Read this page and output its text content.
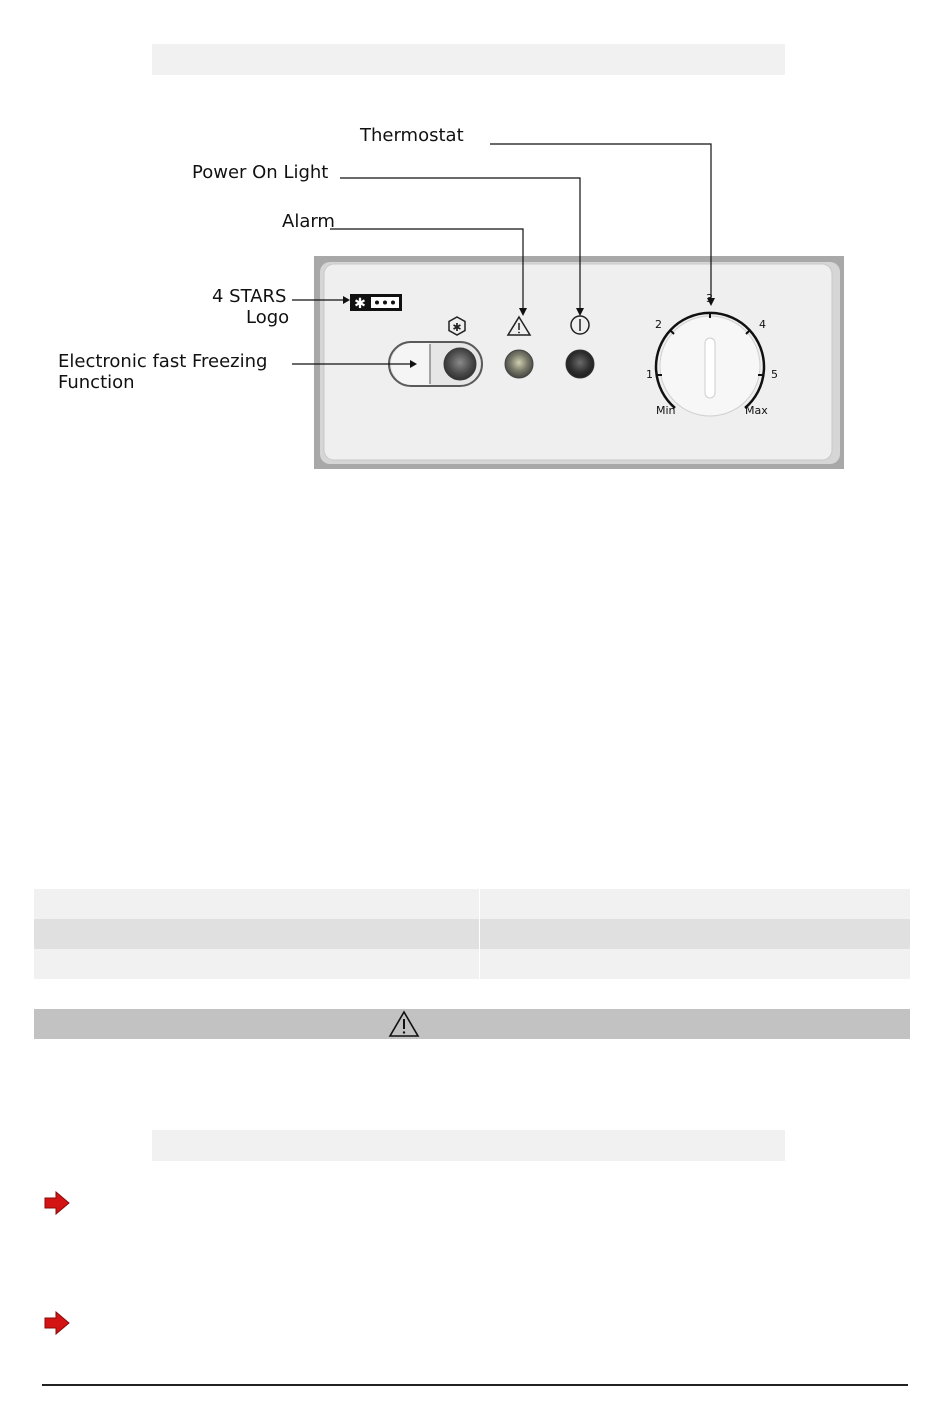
✱
✱
Thermostat
Power On Light
Alarm
4 STARS
Logo
Electronic fast Freezing
Function	1
2
3
4
5
Min	Max
